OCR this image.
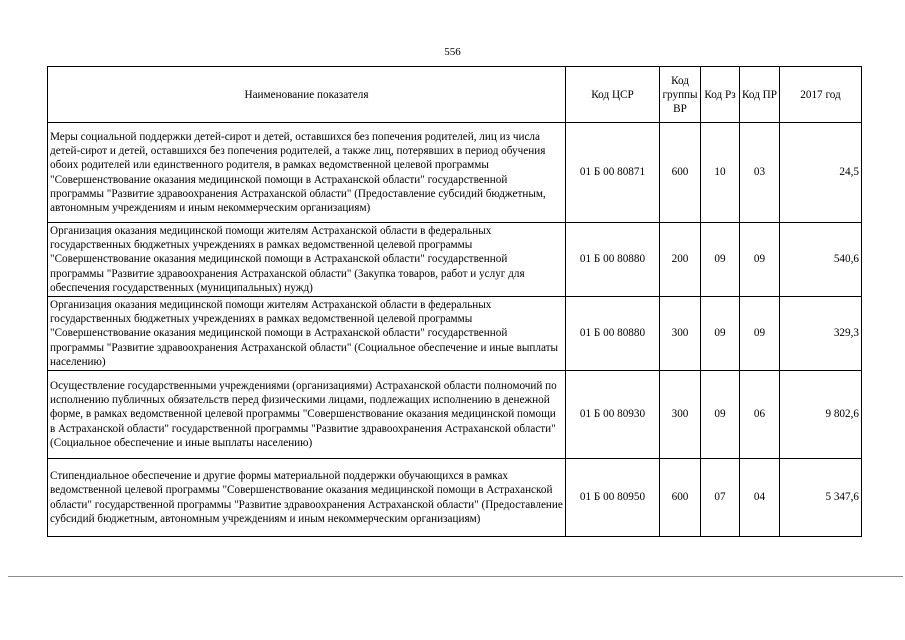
556
Наименование показателя	Код ЦСР	Код группы ВР	Код Рз	Код ПР	2017 год
Меры социальной поддержки детей-сирот и детей, оставшихся без попечения родителей, лиц из числа детей-сирот и детей, оставшихся без попечения родителей, а также лиц, потерявших в период обучения обоих родителей или единственного родителя, в рамках ведомственной целевой программы "Совершенствование оказания медицинской помощи в Астраханской области" государственной программы "Развитие здравоохранения Астраханской области" (Предоставление субсидий бюджетным, автономным учреждениям и иным некоммерческим организациям)	01 Б 00 80871	600	10	03	24,5
Организация оказания медицинской помощи жителям Астраханской области в федеральных государственных бюджетных учреждениях в рамках ведомственной целевой программы "Совершенствование оказания медицинской помощи в Астраханской области" государственной программы "Развитие здравоохранения Астраханской области" (Закупка товаров, работ и услуг для обеспечения государственных (муниципальных) нужд)	01 Б 00 80880	200	09	09	540,6
Организация оказания медицинской помощи жителям Астраханской области в федеральных государственных бюджетных учреждениях в рамках ведомственной целевой программы "Совершенствование оказания медицинской помощи в Астраханской области" государственной программы "Развитие здравоохранения Астраханской области" (Социальное обеспечение и иные выплаты населению)	01 Б 00 80880	300	09	09	329,3
Осуществление государственными учреждениями (организациями) Астраханской области полномочий по исполнению публичных обязательств перед физическими лицами, подлежащих исполнению в денежной форме, в рамках ведомственной целевой программы "Совершенствование оказания медицинской помощи в Астраханской области" государственной программы "Развитие здравоохранения Астраханской области" (Социальное обеспечение и иные выплаты населению)	01 Б 00 80930	300	09	06	9 802,6
Стипендиальное обеспечение и другие формы материальной поддержки обучающихся в рамках ведомственной целевой программы "Совершенствование оказания медицинской помощи в Астраханской области" государственной программы "Развитие здравоохранения Астраханской области" (Предоставление субсидий бюджетным, автономным учреждениям и иным некоммерческим организациям)	01 Б 00 80950	600	07	04	5 347,6
